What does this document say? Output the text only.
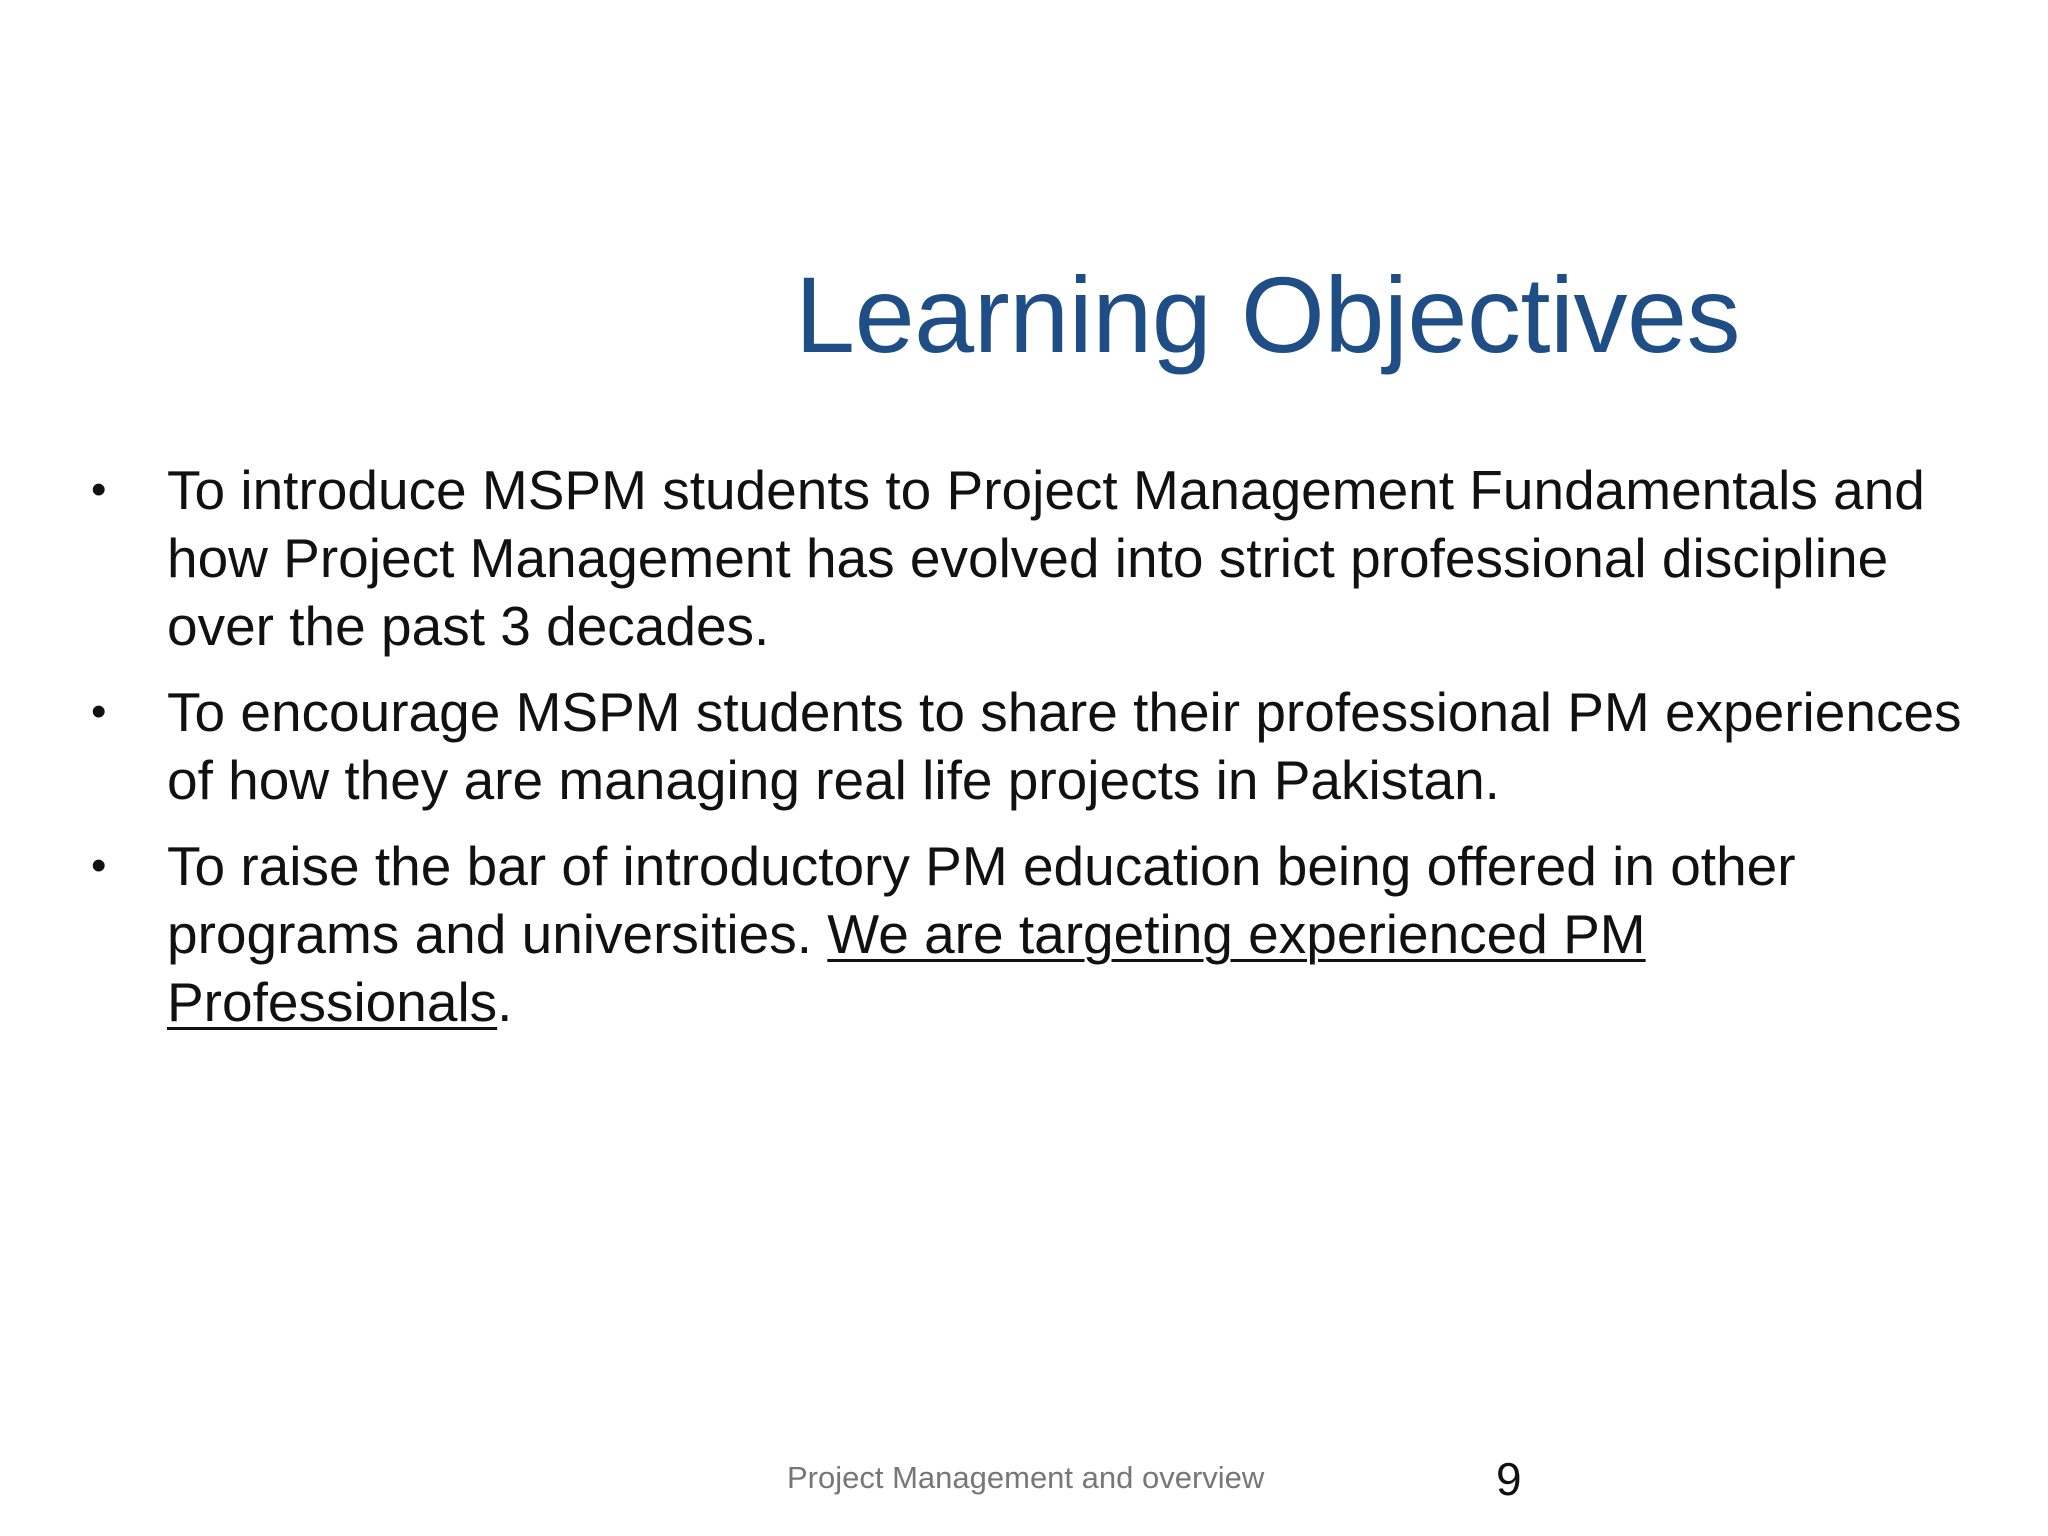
Learning Objectives
• To introduce MSPM students to Project Management Fundamentals and how Project Management has evolved into strict professional discipline over the past 3 decades.
• To encourage MSPM students to share their professional PM experiences of how they are managing real life projects in Pakistan.
• To raise the bar of introductory PM education being offered in other programs and universities. We are targeting experienced PM Professionals.
Project Management and overview	9
